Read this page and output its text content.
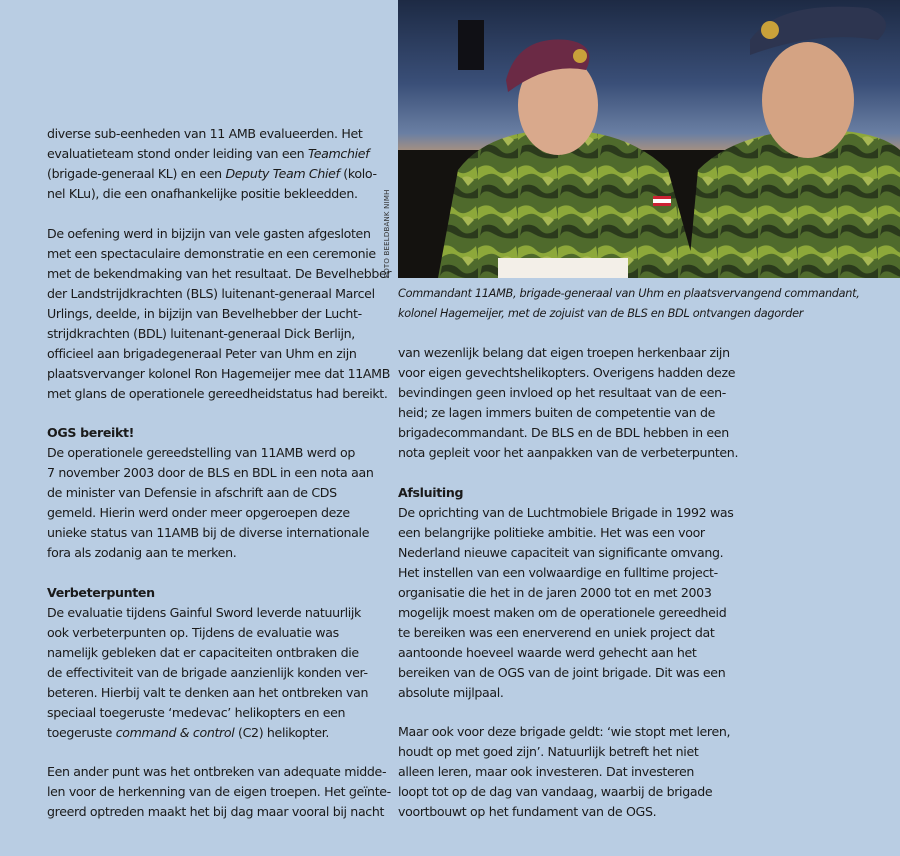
FOTO BEELDBANK NIMH
Commandant 11AMB, brigade-generaal van Uhm en plaatsvervangend commandant,
kolonel Hagemeijer, met de zojuist van de BLS en BDL ontvangen dagorder
diverse sub-eenheden van 11 AMB evalueerden. Het
evaluatieteam stond onder leiding van een Teamchief
(brigade-generaal KL) en een Deputy Team Chief (kolo-
nel KLu), die een onafhankelijke positie bekleedden.
De oefening werd in bijzijn van vele gasten afgesloten
met een spectaculaire demonstratie en een ceremonie
met de bekendmaking van het resultaat. De Bevelhebber
der Landstrijdkrachten (BLS) luitenant-generaal Marcel
Urlings, deelde, in bijzijn van Bevelhebber der Lucht-
strijdkrachten (BDL) luitenant-generaal Dick Berlijn,
officieel aan brigadegeneraal Peter van Uhm en zijn
plaatsvervanger kolonel Ron Hagemeijer mee dat 11AMB
met glans de operationele gereedheidstatus had bereikt.
OGS bereikt!
De operationele gereedstelling van 11AMB werd op
7 november 2003 door de BLS en BDL in een nota aan
de minister van Defensie in afschrift aan de CDS
gemeld. Hierin werd onder meer opgeroepen deze
unieke status van 11AMB bij de diverse internationale
fora als zodanig aan te merken.
Verbeterpunten
De evaluatie tijdens Gainful Sword leverde natuurlijk
ook verbeterpunten op. Tijdens de evaluatie was
namelijk gebleken dat er capaciteiten ontbraken die
de effectiviteit van de brigade aanzienlijk konden ver-
beteren. Hierbij valt te denken aan het ontbreken van
speciaal toegeruste ‘medevac’ helikopters en een
toegeruste command & control (C2) helikopter.
Een ander punt was het ontbreken van adequate midde-
len voor de herkenning van de eigen troepen. Het geïnte-
greerd optreden maakt het bij dag maar vooral bij nacht
van wezenlijk belang dat eigen troepen herkenbaar zijn
voor eigen gevechtshelikopters. Overigens hadden deze
bevindingen geen invloed op het resultaat van de een-
heid; ze lagen immers buiten de competentie van de
brigadecommandant. De BLS en de BDL hebben in een
nota gepleit voor het aanpakken van de verbeterpunten.
Afsluiting
De oprichting van de Luchtmobiele Brigade in 1992 was
een belangrijke politieke ambitie. Het was een voor
Nederland nieuwe capaciteit van significante omvang.
Het instellen van een volwaardige en fulltime project-
organisatie die het in de jaren 2000 tot en met 2003
mogelijk moest maken om de operationele gereedheid
te bereiken was een enerverend en uniek project dat
aantoonde hoeveel waarde werd gehecht aan het
bereiken van de OGS van de joint brigade. Dit was een
absolute mijlpaal.
Maar ook voor deze brigade geldt: ‘wie stopt met leren,
houdt op met goed zijn’. Natuurlijk betreft het niet
alleen leren, maar ook investeren. Dat investeren
loopt tot op de dag van vandaag, waarbij de brigade
voortbouwt op het fundament van de OGS.
